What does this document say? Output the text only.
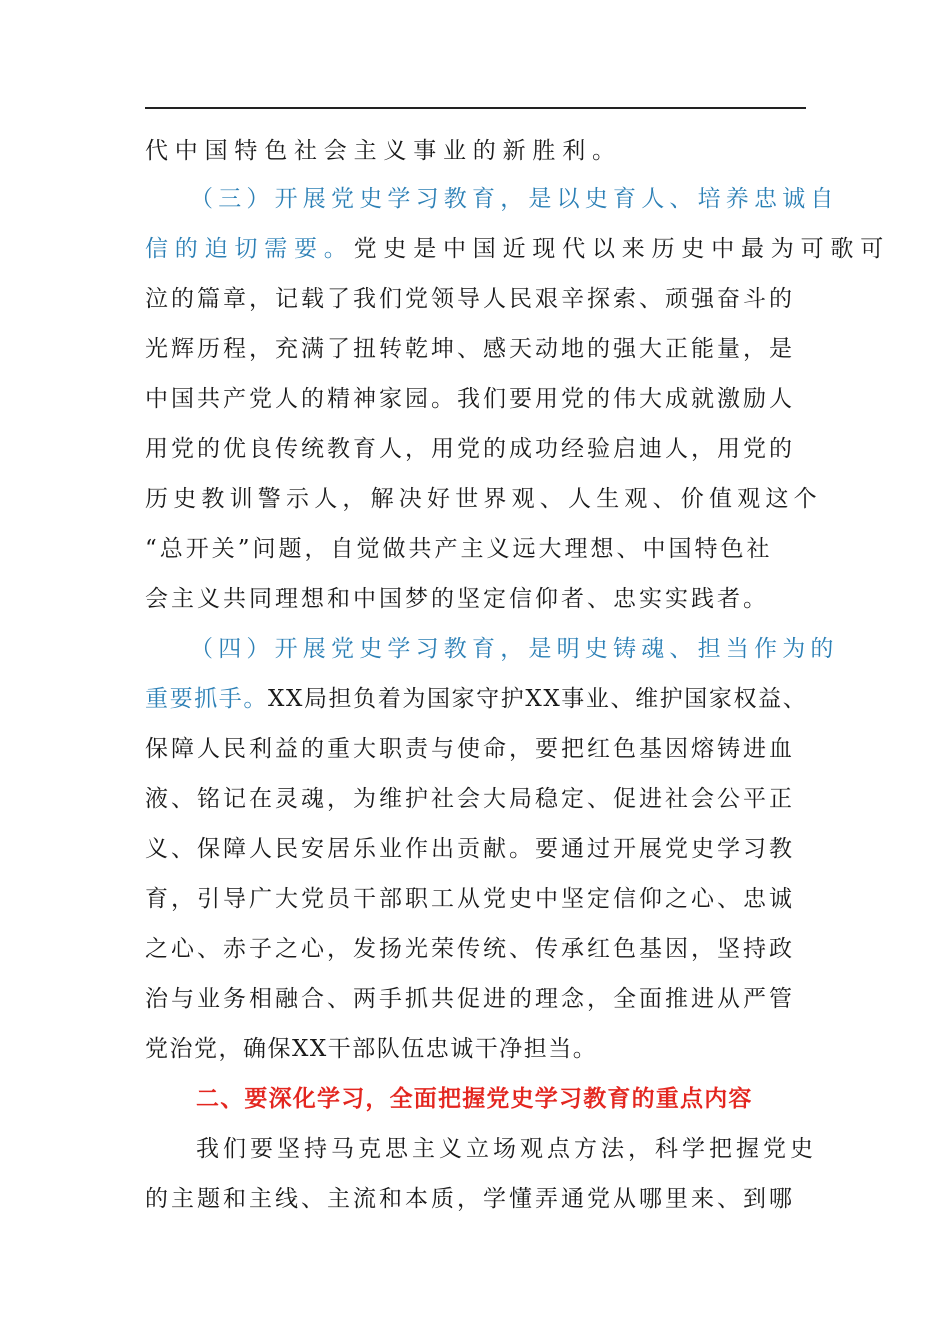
代中国特色社会主义事业的新胜利。
（三）开展党史学习教育，是以史育人、培养忠诚自
信的迫切需要。党史是中国近现代以来历史中最为可歌可
泣的篇章，记载了我们党领导人民艰辛探索、顽强奋斗的
光辉历程，充满了扭转乾坤、感天动地的强大正能量，是
中国共产党人的精神家园。我们要用党的伟大成就激励人
用党的优良传统教育人，用党的成功经验启迪人，用党的
历史教训警示人，解决好世界观、人生观、价值观这个
“总开关”问题，自觉做共产主义远大理想、中国特色社
会主义共同理想和中国梦的坚定信仰者、忠实实践者。
（四）开展党史学习教育，是明史铸魂、担当作为的
重要抓手。XX局担负着为国家守护XX事业、维护国家权益、
保障人民利益的重大职责与使命，要把红色基因熔铸进血
液、铭记在灵魂，为维护社会大局稳定、促进社会公平正
义、保障人民安居乐业作出贡献。要通过开展党史学习教
育，引导广大党员干部职工从党史中坚定信仰之心、忠诚
之心、赤子之心，发扬光荣传统、传承红色基因，坚持政
治与业务相融合、两手抓共促进的理念，全面推进从严管
党治党，确保XX干部队伍忠诚干净担当。
二、要深化学习，全面把握党史学习教育的重点内容
我们要坚持马克思主义立场观点方法，科学把握党史
的主题和主线、主流和本质，学懂弄通党从哪里来、到哪
